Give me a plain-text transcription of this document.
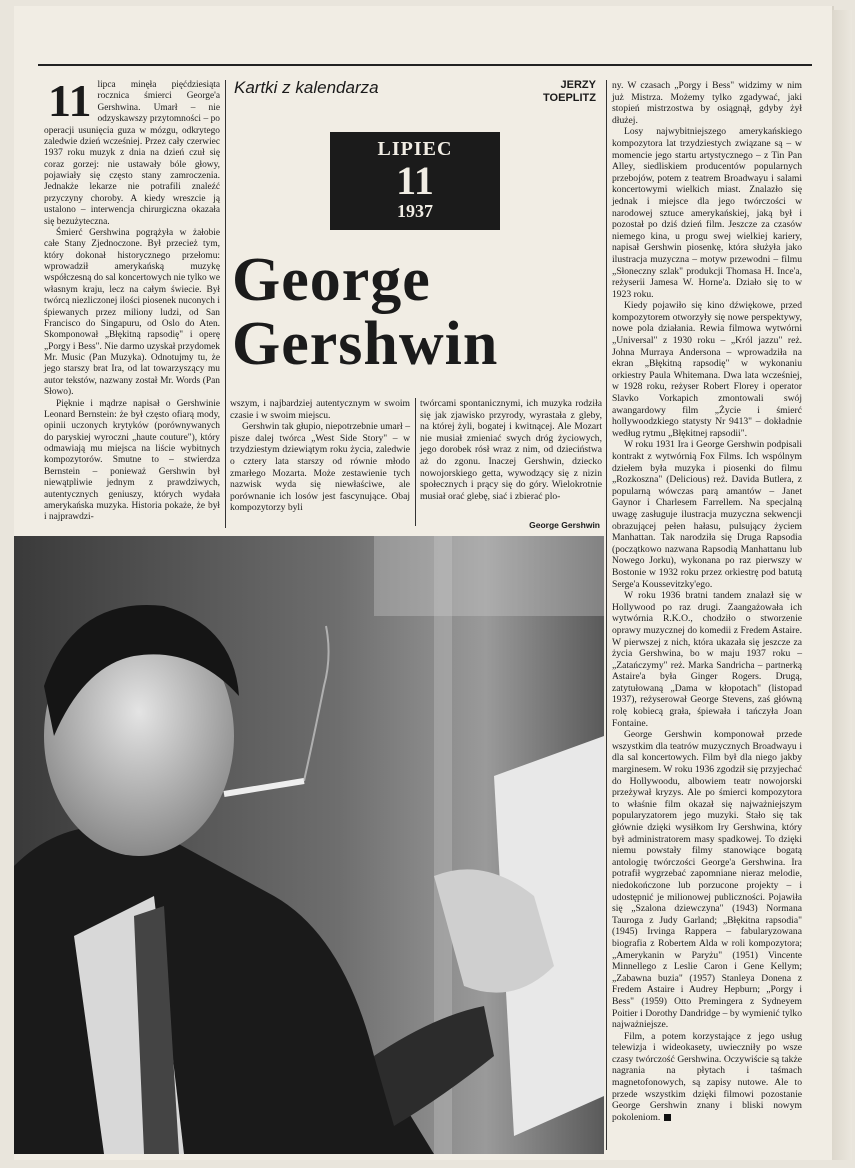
Kartki z kalendarza	JERZY TOEPLITZ
LIPIEC
11
1937
George
Gershwin
11 lipca minęła pięćdziesiąta rocznica śmierci George'a Gershwina. Umarł – nie odzyskawszy przytomności – po operacji usunięcia guza w mózgu, odkrytego zaledwie dzień wcześniej. Przez cały czerwiec 1937 roku muzyk z dnia na dzień czuł się coraz gorzej: nie ustawały bóle głowy, pojawiały się często stany zamroczenia. Jednakże lekarze nie potrafili znaleźć przyczyny choroby. A kiedy wreszcie ją ustalono – interwencja chirurgiczna okazała się bezużyteczna.

Śmierć Gershwina pogrążyła w żałobie całe Stany Zjednoczone. Był przecież tym, który dokonał historycznego przełomu: wprowadził amerykańską muzykę współczesną do sal koncertowych nie tylko we własnym kraju, lecz na całym świecie. Był twórcą niezliczonej ilości piosenek nuconych i śpiewanych przez miliony ludzi, od San Francisco do Singapuru, od Oslo do Aten. Skomponował „Błękitną rapsodię" i operę „Porgy i Bess". Nie darmo uzyskał przydomek Mr. Music (Pan Muzyka). Odnotujmy tu, że jego starszy brat Ira, od lat towarzyszący mu autor tekstów, nazwany został Mr. Words (Pan Słowo).

Pięknie i mądrze napisał o Gershwinie Leonard Bernstein: że był często ofiarą mody, opinii uczonych krytyków (porównywanych do paryskiej wyroczni „haute couture"), który odmawiają mu miejsca na liście wybitnych kompozytorów. Smutne to – stwierdza Bernstein – ponieważ Gershwin był niewątpliwie jednym z prawdziwych, autentycznych geniuszy, których wydała amerykańska muzyka. Historia pokaże, że był i najprawdzi-

wszym, i najbardziej autentycznym w swoim czasie i w swoim miejscu.

Gershwin tak głupio, niepotrzebnie umarł – pisze dalej twórca „West Side Story" – w trzydziestym dziewiątym roku życia, zaledwie o cztery lata starszy od równie młodo zmarłego Mozarta. Może zestawienie tych nazwisk wyda się niewłaściwe, ale porównanie ich losów jest fascynujące. Obaj kompozytorzy byli

twórcami spontanicznymi, ich muzyka rodziła się jak zjawisko przyrody, wyrastała z gleby, na której żyli, bogatej i kwitnącej. Ale Mozart nie musiał zmieniać swych dróg życiowych, jego dorobek rósł wraz z nim, od dzieciństwa aż do zgonu. Inaczej Gershwin, dziecko nowojorskiego getta, wywodzący się z nizin społecznych i prący się do góry. Wielokrotnie musiał orać glebę, siać i zbierać plo-

George Gershwin

ny. W czasach „Porgy i Bess" widzimy w nim już Mistrza. Możemy tylko zgadywać, jaki stopień mistrzostwa by osiągnął, gdyby żył dłużej.

Losy najwybitniejszego amerykańskiego kompozytora lat trzydziestych związane są – w momencie jego startu artystycznego – z Tin Pan Alley, siedliskiem producentów popularnych przebojów, potem z teatrem Broadwayu i salami koncertowymi wielkich miast. Znalazło się jednak i miejsce dla jego twórczości w narodowej sztuce amerykańskiej, jaką był i pozostał po dziś dzień film. Jeszcze za czasów niemego kina, u progu swej wielkiej kariery, napisał Gershwin piosenkę, która służyła jako ilustracja muzyczna – motyw przewodni – filmu „Słoneczny szlak" produkcji Thomasa H. Ince'a, reżyserii Jamesa W. Horne'a. Działo się to w 1923 roku.

Kiedy pojawiło się kino dźwiękowe, przed kompozytorem otworzyły się nowe perspektywy, nowe pola działania. Rewia filmowa wytwórni „Universal" z 1930 roku – „Król jazzu" reż. Johna Murraya Andersona – wprowadziła na ekran „Błękitną rapsodię" w wykonaniu orkiestry Paula Whitemana. Dwa lata wcześniej, w 1928 roku, reżyser Robert Florey i operator Slavko Vorkapich zmontowali swój awangardowy film „Życie i śmierć hollywoodzkiego statysty Nr 9413" – dokładnie według rytmu „Błękitnej rapsodii".

W roku 1931 Ira i George Gershwin podpisali kontrakt z wytwórnią Fox Films. Ich wspólnym dziełem była muzyka i piosenki do filmu „Rozkoszna" (Delicious) reż. Davida Butlera, z popularną wówczas parą amantów – Janet Gaynor i Charlesem Farrellem. Na specjalną uwagę zasługuje ilustracja muzyczna sekwencji obrazującej pełen hałasu, pulsujący życiem Manhattan. Tak narodziła się Druga Rapsodia (początkowo nazwana Rapsodią Manhattanu lub Nowego Jorku), wykonana po raz pierwszy w Bostonie w 1932 roku przez orkiestrę pod batutą Serge'a Koussevitzky'ego.

W roku 1936 bratni tandem znalazł się w Hollywood po raz drugi. Zaangażowała ich wytwórnia R.K.O., chodziło o stworzenie oprawy muzycznej do komedii z Fredem Astaire. W pierwszej z nich, która ukazała się jeszcze za życia Gershwina, bo w maju 1937 roku – „Zatańczymy" reż. Marka Sandricha – partnerką Astaire'a była Ginger Rogers. Drugą, zatytułowaną „Dama w kłopotach" (listopad 1937), reżyserował George Stevens, zaś główną rolę kobiecą grała, śpiewała i tańczyła Joan Fontaine.

George Gershwin komponował przede wszystkim dla teatrów muzycznych Broadwayu i dla sal koncertowych. Film był dla niego jakby marginesem. W roku 1936 zgodził się przyjechać do Hollywoodu, albowiem teatr nowojorski przeżywał kryzys. Ale po śmierci kompozytora to właśnie film okazał się najważniejszym popularyzatorem jego muzyki. Stało się tak głównie dzięki wysiłkom Iry Gershwina, który był administratorem masy spadkowej. To dzięki niemu powstały filmy stanowiące bogatą antologię twórczości George'a Gershwina. Ira potrafił wygrzebać zapomniane nieraz melodie, niedokończone lub porzucone projekty – i udostępnić je milionowej publiczności. Pojawiła się „Szalona dziewczyna" (1943) Normana Tauroga z Judy Garland; „Błękitna rapsodia" (1945) Irvinga Rappera – fabularyzowana biografia z Robertem Alda w roli kompozytora; „Amerykanin w Paryżu" (1951) Vincente Minnellego z Leslie Caron i Gene Kellym; „Zabawna buzia" (1957) Stanleya Donena z Fredem Astaire i Audrey Hepburn; „Porgy i Bess" (1959) Otto Premingera z Sydneyem Poitier i Dorothy Dandridge – by wymienić tylko najważniejsze.

Film, a potem korzystające z jego usług telewizja i wideokasety, uwieczniły po wsze czasy twórczość Gershwina. Oczywiście są także nagrania na płytach i taśmach magnetofonowych, są zapisy nutowe. Ale to przede wszystkim dzięki filmowi pozostanie George Gershwin znany i bliski nowym pokoleniom.
